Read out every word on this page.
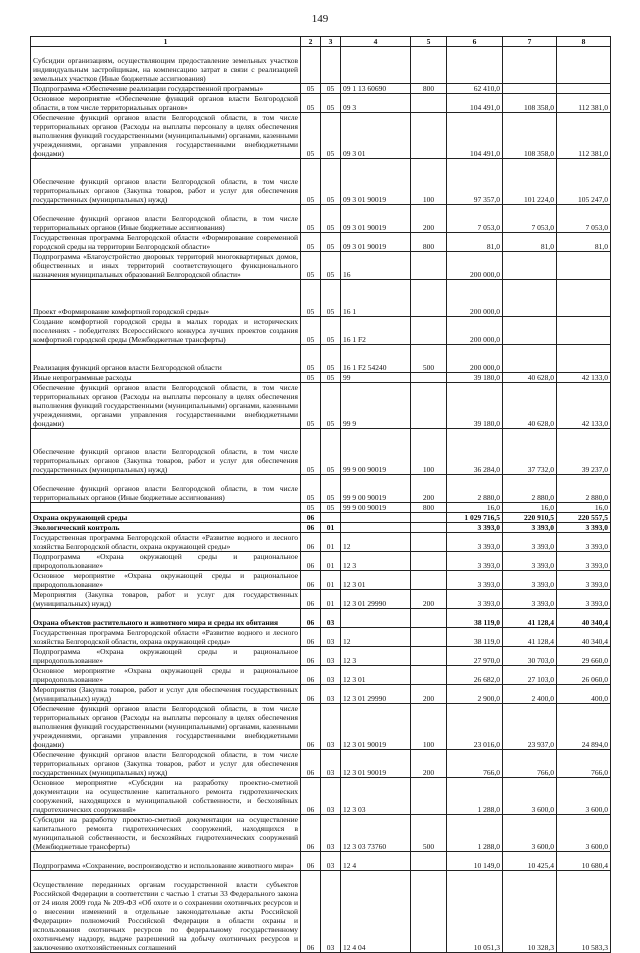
149
1	2	3	4	5	6	7	8
Субсидии организациям, осуществляющим предоставление земельных участков индивидуальным застройщикам, на компенсацию затрат в связи с реализацией земельных участков (Иные бюджетные ассигнования)							
Подпрограмма «Обеспечение реализации государственной программы»	05	05	09 1 13 60690	800	62 410,0		
Основное мероприятие «Обеспечение функций органов власти Белгородской области, в том числе территориальных органов»	05	05	09 3		104 491,0	108 358,0	112 381,0
Обеспечение функций органов власти Белгородской области, в том числе территориальных органов (Расходы на выплаты персоналу в целях обеспечения выполнения функций государственными (муниципальными) органами, казенными учреждениями, органами управления государственными внебюджетными фондами)	05	05	09 3 01		104 491,0	108 358,0	112 381,0
Обеспечение функций органов власти Белгородской области, в том числе территориальных органов (Закупка товаров, работ и услуг для обеспечения государственных (муниципальных) нужд)	05	05	09 3 01 90019	100	97 357,0	101 224,0	105 247,0
Обеспечение функций органов власти Белгородской области, в том числе территориальных органов (Иные бюджетные ассигнования)	05	05	09 3 01 90019	200	7 053,0	7 053,0	7 053,0
Государственная программа Белгородской области «Формирование современной городской среды на территории Белгородской области»	05	05	09 3 01 90019	800	81,0	81,0	81,0
Подпрограмма «Благоустройство дворовых территорий многоквартирных домов, общественных и иных территорий соответствующего функционального назначения муниципальных образований Белгородской области»	05	05	16		200 000,0		
Проект «Формирование комфортной городской среды»	05	05	16 1		200 000,0		
Создание комфортной городской среды в малых городах и исторических поселениях - победителях Всероссийского конкурса лучших проектов создания комфортной городской среды (Межбюджетные трансферты)	05	05	16 1 F2		200 000,0		
Реализация функций органов власти Белгородской области	05	05	16 1 F2 54240	500	200 000,0		
Иные непрограммные расходы	05	05	99		39 180,0	40 628,0	42 133,0
Обеспечение функций органов власти Белгородской области, в том числе территориальных органов (Расходы на выплаты персоналу в целях обеспечения выполнения функций государственными (муниципальными) органами, казенными учреждениями, органами управления государственными внебюджетными фондами)	05	05	99 9		39 180,0	40 628,0	42 133,0
Обеспечение функций органов власти Белгородской области, в том числе территориальных органов (Закупка товаров, работ и услуг для обеспечения государственных (муниципальных) нужд)	05	05	99 9 00 90019	100	36 284,0	37 732,0	39 237,0
Обеспечение функций органов власти Белгородской области, в том числе территориальных органов (Иные бюджетные ассигнования)	05	05	99 9 00 90019	200	2 880,0	2 880,0	2 880,0
	05	05	99 9 00 90019	800	16,0	16,0	16,0
Охрана окружающей среды	06				1 029 716,5	220 910,5	220 557,5
Экологический контроль	06	01			3 393,0	3 393,0	3 393,0
Государственная программа Белгородской области «Развитие водного и лесного хозяйства Белгородской области, охрана окружающей среды»	06	01	12		3 393,0	3 393,0	3 393,0
Подпрограмма «Охрана окружающей среды и рациональное природопользование»	06	01	12 3		3 393,0	3 393,0	3 393,0
Основное мероприятие «Охрана окружающей среды и рациональное природопользование»	06	01	12 3 01		3 393,0	3 393,0	3 393,0
Мероприятия (Закупка товаров, работ и услуг для государственных (муниципальных) нужд)	06	01	12 3 01 29990	200	3 393,0	3 393,0	3 393,0
Охрана объектов растительного и животного мира и среды их обитания	06	03			38 119,0	41 128,4	40 340,4
Государственная программа Белгородской области «Развитие водного и лесного хозяйства Белгородской области, охрана окружающей среды»	06	03	12		38 119,0	41 128,4	40 340,4
Подпрограмма «Охрана окружающей среды и рациональное природопользование»	06	03	12 3		27 970,0	30 703,0	29 660,0
Основное мероприятие «Охрана окружающей среды и рациональное природопользование»	06	03	12 3 01		26 682,0	27 103,0	26 060,0
Мероприятия (Закупка товаров, работ и услуг для обеспечения государственных (муниципальных) нужд)	06	03	12 3 01 29990	200	2 900,0	2 400,0	400,0
Обеспечение функций органов власти Белгородской области, в том числе территориальных органов (Расходы на выплаты персоналу в целях обеспечения выполнения функций государственными (муниципальными) органами, казенными учреждениями, органами управления государственными внебюджетными фондами)	06	03	12 3 01 90019	100	23 016,0	23 937,0	24 894,0
Обеспечение функций органов власти Белгородской области, в том числе территориальных органов (Закупка товаров, работ и услуг для обеспечения государственных (муниципальных) нужд)	06	03	12 3 01 90019	200	766,0	766,0	766,0
Основное мероприятие «Субсидии на разработку проектно-сметной документации на осуществление капитального ремонта гидротехнических сооружений, находящихся в муниципальной собственности, и бесхозяйных гидротехнических сооружений»	06	03	12 3 03		1 288,0	3 600,0	3 600,0
Субсидии на разработку проектно-сметной документации на осуществление капитального ремонта гидротехнических сооружений, находящихся в муниципальной собственности, и бесхозяйных гидротехнических сооружений (Межбюджетные трансферты)	06	03	12 3 03 73760	500	1 288,0	3 600,0	3 600,0
Подпрограмма «Сохранение, воспроизводство и использование животного мира»	06	03	12 4		10 149,0	10 425,4	10 680,4
Осуществление переданных органам государственной власти субъектов Российской Федерации в соответствии с частью 1 статьи 33 Федерального закона от 24 июля 2009 года № 209-ФЗ «Об охоте и о сохранении охотничьих ресурсов и о внесении изменений в отдельные законодательные акты Российской Федерации» полномочий Российской Федерации в области охраны и использования охотничьих ресурсов по федеральному государственному охотничьему надзору, выдаче разрешений на добычу охотничьих ресурсов и заключению охотхозяйственных соглашений	06	03	12 4 04		10 051,3	10 328,3	10 583,3
